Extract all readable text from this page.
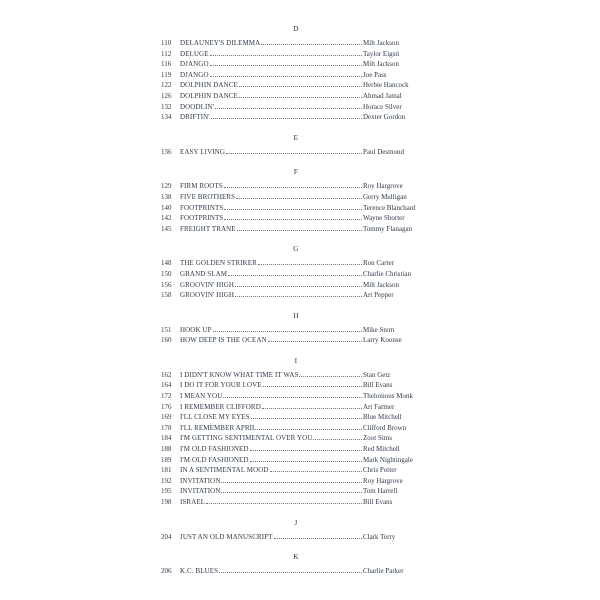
D
110	DELAUNEY'S DILEMMA	Milt Jackson
112	DELUGE	Taylor Eigsti
116	DJANGO	Milt Jackson
119	DJANGO	Joe Pass
122	DOLPHIN DANCE	Herbie Hancock
126	DOLPHIN DANCE	Ahmad Jamal
132	DOODLIN'	Horace Silver
134	DRIFTIN'	Dexter Gordon
E
136	EASY LIVING	Paul Desmond
F
129	FIRM ROOTS	Roy Hargrove
138	FIVE BROTHERS	Gerry Mulligan
140	FOOTPRINTS	Terence Blanchard
142	FOOTPRINTS	Wayne Shorter
145	FREIGHT TRANE	Tommy Flanagan
G
148	THE GOLDEN STRIKER	Ron Carter
150	GRAND SLAM	Charlie Christian
156	GROOVIN' HIGH	Milt Jackson
158	GROOVIN' HIGH	Art Pepper
H
151	HOOK UP	Mike Stern
160	HOW DEEP IS THE OCEAN	Larry Koonse
I
162	I DIDN'T KNOW WHAT TIME IT WAS	Stan Getz
164	I DO IT FOR YOUR LOVE	Bill Evans
172	I MEAN YOU	Thelonious Monk
176	I REMEMBER CLIFFORD	Art Farmer
169	I'LL CLOSE MY EYES	Blue Mitchell
178	I'LL REMEMBER APRIL	Clifford Brown
184	I'M GETTING SENTIMENTAL OVER YOU	Zoot Sims
188	I'M OLD FASHIONED	Red Mitchell
189	I'M OLD FASHIONED	Mark Nightingale
181	IN A SENTIMENTAL MOOD	Chris Potter
192	INVITATION	Roy Hargrove
195	INVITATION	Tom Harrell
198	ISRAEL	Bill Evans
J
204	JUST AN OLD MANUSCRIPT	Clark Terry
K
206	K.C. BLUES	Charlie Parker
